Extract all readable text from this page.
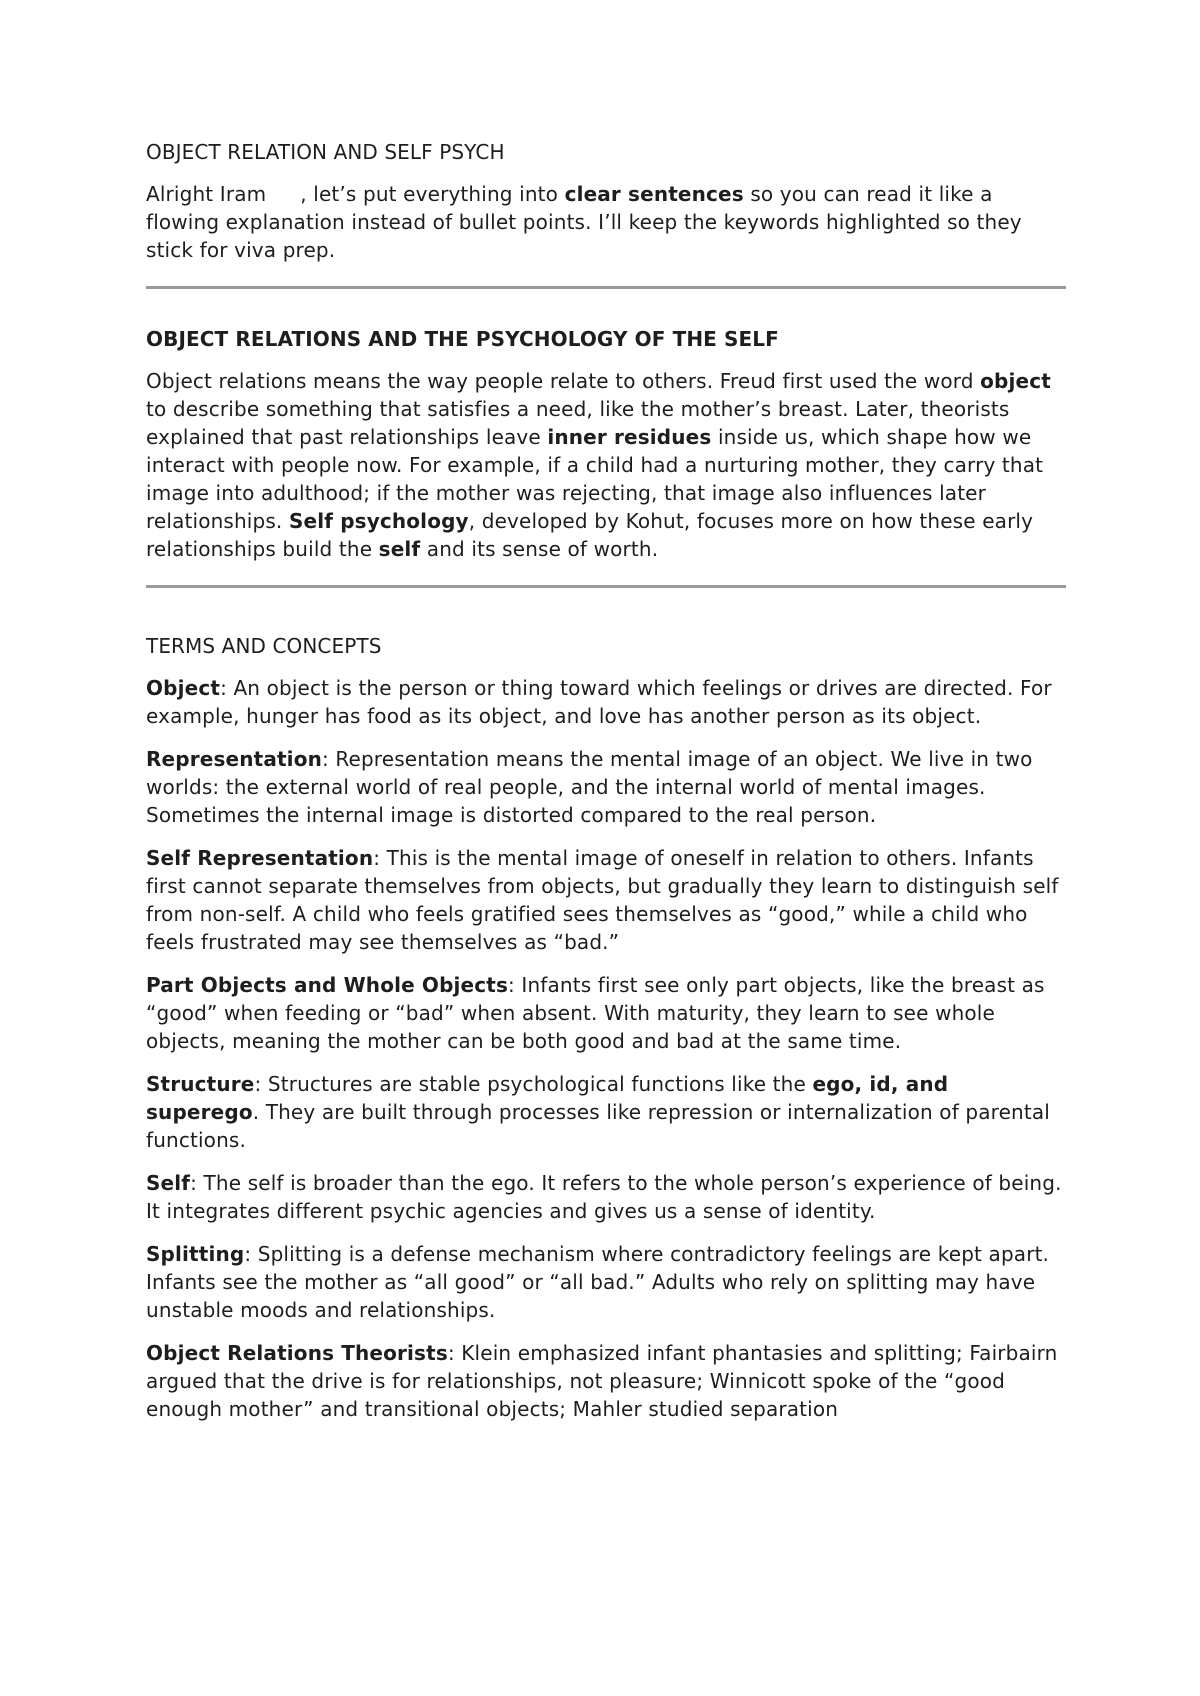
OBJECT RELATION AND SELF PSYCH

Alright Iram , let’s put everything into clear sentences so you can read it like a flowing explanation instead of bullet points. I’ll keep the keywords highlighted so they stick for viva prep.

OBJECT RELATIONS AND THE PSYCHOLOGY OF THE SELF

Object relations means the way people relate to others. Freud first used the word object to describe something that satisfies a need, like the mother’s breast. Later, theorists explained that past relationships leave inner residues inside us, which shape how we interact with people now. For example, if a child had a nurturing mother, they carry that image into adulthood; if the mother was rejecting, that image also influences later relationships. Self psychology, developed by Kohut, focuses more on how these early relationships build the self and its sense of worth.

TERMS AND CONCEPTS

Object: An object is the person or thing toward which feelings or drives are directed. For example, hunger has food as its object, and love has another person as its object.

Representation: Representation means the mental image of an object. We live in two worlds: the external world of real people, and the internal world of mental images. Sometimes the internal image is distorted compared to the real person.

Self Representation: This is the mental image of oneself in relation to others. Infants first cannot separate themselves from objects, but gradually they learn to distinguish self from non-self. A child who feels gratified sees themselves as “good,” while a child who feels frustrated may see themselves as “bad.”

Part Objects and Whole Objects: Infants first see only part objects, like the breast as “good” when feeding or “bad” when absent. With maturity, they learn to see whole objects, meaning the mother can be both good and bad at the same time.

Structure: Structures are stable psychological functions like the ego, id, and superego. They are built through processes like repression or internalization of parental functions.

Self: The self is broader than the ego. It refers to the whole person’s experience of being. It integrates different psychic agencies and gives us a sense of identity.

Splitting: Splitting is a defense mechanism where contradictory feelings are kept apart. Infants see the mother as “all good” or “all bad.” Adults who rely on splitting may have unstable moods and relationships.

Object Relations Theorists: Klein emphasized infant phantasies and splitting; Fairbairn argued that the drive is for relationships, not pleasure; Winnicott spoke of the “good enough mother” and transitional objects; Mahler studied separation
